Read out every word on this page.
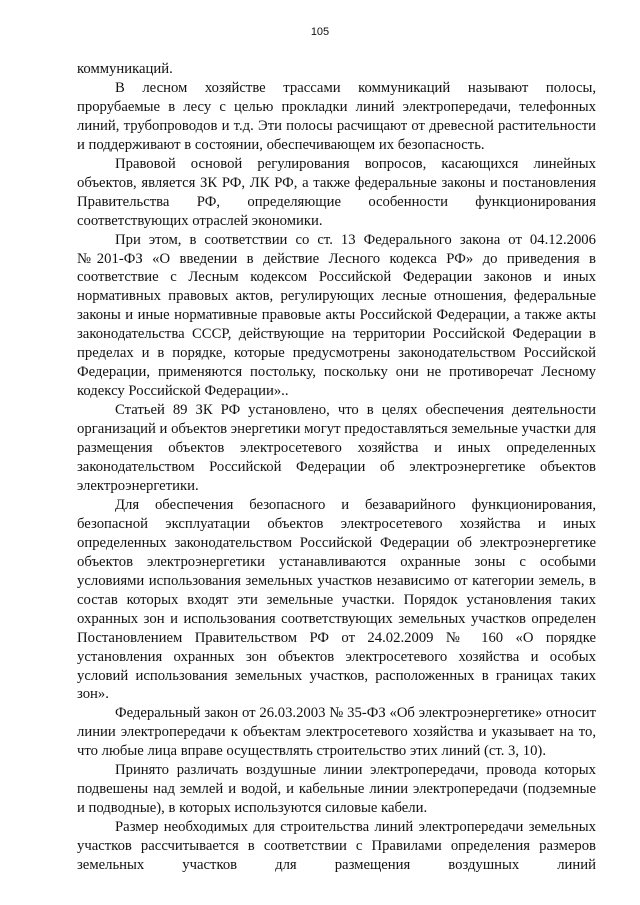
105

коммуникаций.

В лесном хозяйстве трассами коммуникаций называют полосы, прорубаемые в лесу с целью прокладки линий электропередачи, телефонных линий, трубопроводов и т.д. Эти полосы расчищают от древесной растительности и поддерживают в состоянии, обеспечивающем их безопасность.

Правовой основой регулирования вопросов, касающихся линейных объектов, является ЗК РФ, ЛК РФ, а также федеральные законы и постановления Правительства РФ, определяющие особенности функционирования соответствующих отраслей экономики.

При этом, в соответствии со ст. 13 Федерального закона от 04.12.2006 №201-ФЗ «О введении в действие Лесного кодекса РФ» до приведения в соответствие с Лесным кодексом Российской Федерации законов и иных нормативных правовых актов, регулирующих лесные отношения, федеральные законы и иные нормативные правовые акты Российской Федерации, а также акты законодательства СССР, действующие на территории Российской Федерации в пределах и в порядке, которые предусмотрены законодательством Российской Федерации, применяются постольку, поскольку они не противоречат Лесному кодексу Российской Федерации»..

Статьей 89 ЗК РФ установлено, что в целях обеспечения деятельности организаций и объектов энергетики могут предоставляться земельные участки для размещения объектов электросетевого хозяйства и иных определенных законодательством Российской Федерации об электроэнергетике объектов электроэнергетики.

Для обеспечения безопасного и безаварийного функционирования, безопасной эксплуатации объектов электросетевого хозяйства и иных определенных законодательством Российской Федерации об электроэнергетике объектов электроэнергетики устанавливаются охранные зоны с особыми условиями использования земельных участков независимо от категории земель, в состав которых входят эти земельные участки. Порядок установления таких охранных зон и использования соответствующих земельных участков определен Постановлением Правительством РФ от 24.02.2009 № 160 «О порядке установления охранных зон объектов электросетевого хозяйства и особых условий использования земельных участков, расположенных в границах таких зон».

Федеральный закон от 26.03.2003 № 35-ФЗ «Об электроэнергетике» относит линии электропередачи к объектам электросетевого хозяйства и указывает на то, что любые лица вправе осуществлять строительство этих линий (ст. 3, 10).

Принято различать воздушные линии электропередачи, провода которых подвешены над землей и водой, и кабельные линии электропередачи (подземные и подводные), в которых используются силовые кабели.

Размер необходимых для строительства линий электропередачи земельных участков рассчитывается в соответствии с Правилами определения размеров земельных участков для размещения воздушных линий
